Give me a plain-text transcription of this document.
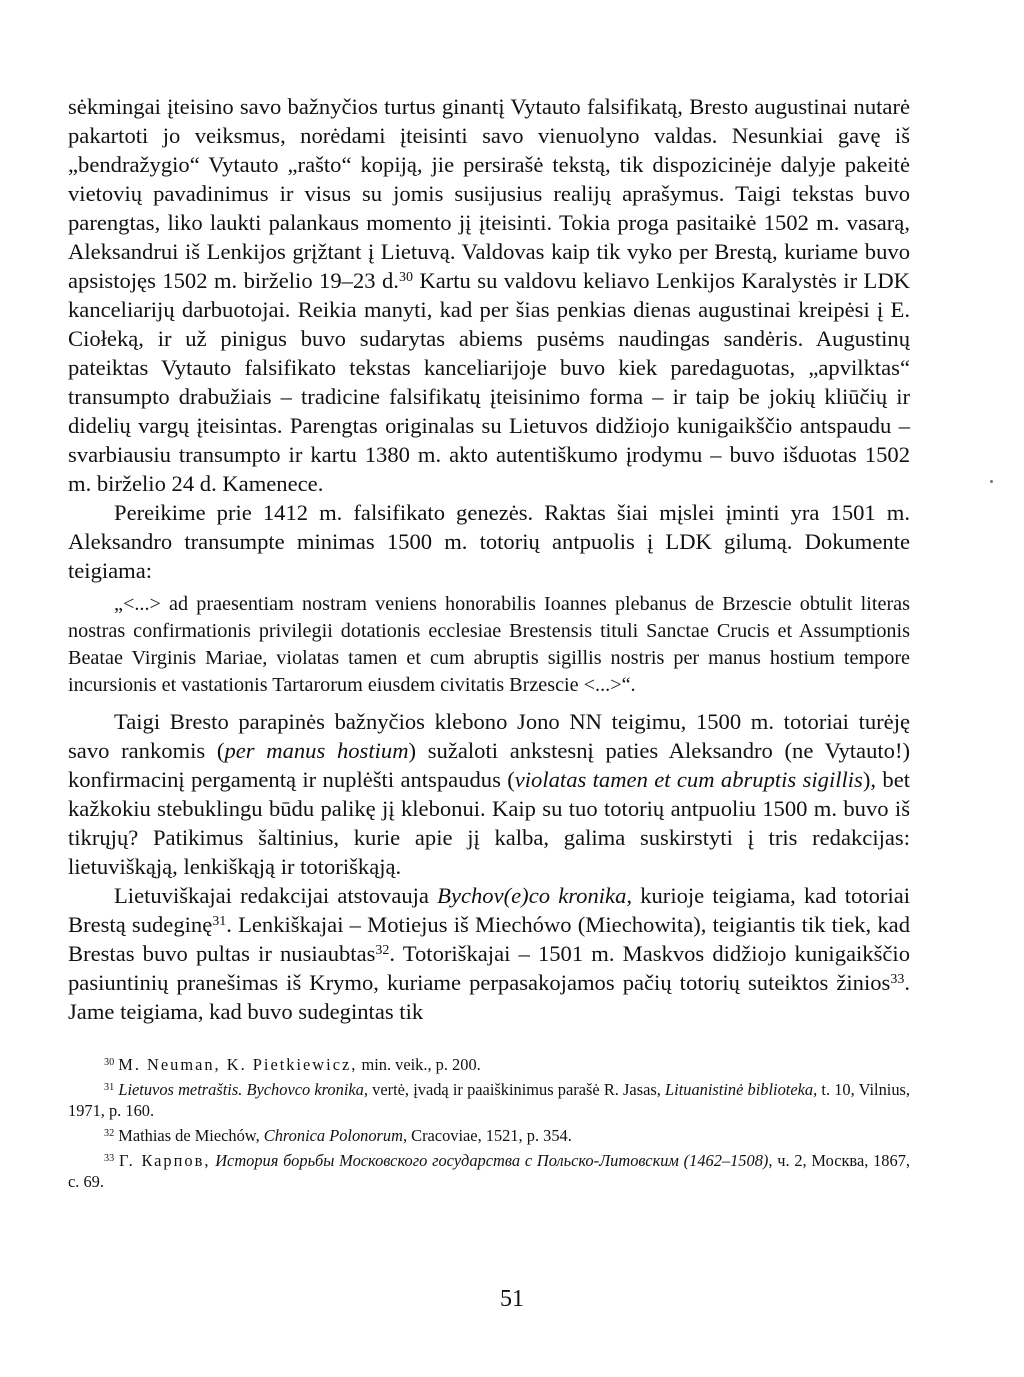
sėkmingai įteisino savo bažnyčios turtus ginantį Vytauto falsifikatą, Bresto augustinai nutarė pakartoti jo veiksmus, norėdami įteisinti savo vienuolyno valdas. Nesunkiai gavę iš „bendražygio“ Vytauto „rašto“ kopiją, jie persirašė tekstą, tik dispozicinėje dalyje pakeitė vietovių pavadinimus ir visus su jomis susijusius realijų aprašymus. Taigi tekstas buvo parengtas, liko laukti palankaus momento jį įteisinti. Tokia proga pasitaikė 1502 m. vasarą, Aleksandrui iš Lenkijos grįžtant į Lietuvą. Valdovas kaip tik vyko per Brestą, kuriame buvo apsistojęs 1502 m. birželio 19–23 d.$^{30}$ Kartu su valdovu keliavo Lenkijos Karalystės ir LDK kanceliarijų darbuotojai. Reikia manyti, kad per šias penkias dienas augustinai kreipėsi į E. Ciołeką, ir už pinigus buvo sudarytas abiems pusėms naudingas sandėris. Augustinų pateiktas Vytauto falsifikato tekstas kanceliarijoje buvo kiek paredaguotas, „apvilktas“ transumpto drabužiais – tradicine falsifikatų įteisinimo forma – ir taip be jokių kliūčių ir didelių vargų įteisintas. Parengtas originalas su Lietuvos didžiojo kunigaikščio antspaudu – svarbiausiu transumpto ir kartu 1380 m. akto autentiškumo įrodymu – buvo išduotas 1502 m. birželio 24 d. Kamenece.

Pereikime prie 1412 m. falsifikato genezės. Raktas šiai mįslei įminti yra 1501 m. Aleksandro transumpte minimas 1500 m. totorių antpuolis į LDK gilumą. Dokumente teigiama:

„<...> ad praesentiam nostram veniens honorabilis Ioannes plebanus de Brzescie obtulit literas nostras confirmationis privilegii dotationis ecclesiae Brestensis tituli Sanctae Crucis et Assumptionis Beatae Virginis Mariae, violatas tamen et cum abruptis sigillis nostris per manus hostium tempore incursionis et vastationis Tartarorum eiusdem civitatis Brzescie <...>“.

Taigi Bresto parapinės bažnyčios klebono Jono NN teigimu, 1500 m. totoriai turėję savo rankomis (per manus hostium) sužaloti ankstesnį paties Aleksandro (ne Vytauto!) konfirmacinį pergamentą ir nuplėšti antspaudus (violatas tamen et cum abruptis sigillis), bet kažkokiu stebuklingu būdu palikę jį klebonui. Kaip su tuo totorių antpuoliu 1500 m. buvo iš tikrųjų? Patikimus šaltinius, kurie apie jį kalba, galima suskirstyti į tris redakcijas: lietuviškąją, lenkiškąją ir totoriškąją.

Lietuviškajai redakcijai atstovauja Bychov(e)co kronika, kurioje teigiama, kad totoriai Brestą sudeginę$^{31}$. Lenkiškajai – Motiejus iš Miechówo (Miechowita), teigiantis tik tiek, kad Brestas buvo pultas ir nusiaubtas$^{32}$. Totoriškajai – 1501 m. Maskvos didžiojo kunigaikščio pasiuntinių pranešimas iš Krymo, kuriame perpasakojamos pačių totorių suteiktos žinios$^{33}$. Jame teigiama, kad buvo sudegintas tik

$^{30}$ M. Neuman, K. Pietkiewicz, min. veik., p. 200.

$^{31}$ Lietuvos metraštis. Bychovco kronika, vertė, įvadą ir paaiškinimus parašė R. Jasas, Lituanistinė biblioteka, t. 10, Vilnius, 1971, p. 160.

$^{32}$ Mathias de Miechów, Chronica Polonorum, Cracoviae, 1521, p. 354.

$^{33}$ Г. Карпов, История борьбы Московского государства с Польско-Литовским (1462–1508), ч. 2, Москва, 1867, с. 69.

51
